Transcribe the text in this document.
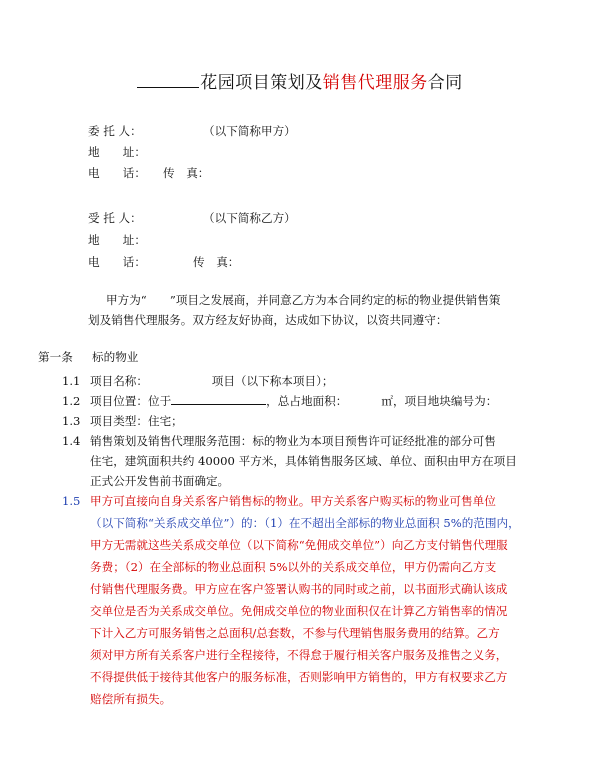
花园项目策划及销售代理服务合同
委 托 人：	（以下简称甲方）
地　　址：
电　　话： 传　真：
受 托 人：	（以下简称乙方）
地　　址：
电　　话：	传　真：
甲方为“　　”项目之发展商，并同意乙方为本合同约定的标的物业提供销售策
划及销售代理服务。双方经友好协商，达成如下协议，以资共同遵守：
第一条 标的物业
1.1 项目名称：　　　　　　项目（以下称本项目）；
1.2 项目位置：位于	，总占地面积：	㎡，项目地块编号为：
1.3 项目类型：住宅；
1.4 销售策划及销售代理服务范围：标的物业为本项目预售许可证经批准的部分可售
住宅，建筑面积共约 40000 平方米，具体销售服务区域、单位、面积由甲方在项目
正式公开发售前书面确定。
1.5 甲方可直接向自身关系客户销售标的物业。甲方关系客户购买标的物业可售单位
（以下简称“关系成交单位”）的：（1）在不超出全部标的物业总面积 5%的范围内，
甲方无需就这些关系成交单位（以下简称“免佣成交单位”）向乙方支付销售代理服
务费；（2）在全部标的物业总面积 5%以外的关系成交单位，甲方仍需向乙方支
付销售代理服务费。甲方应在客户签署认购书的同时或之前，以书面形式确认该成
交单位是否为关系成交单位。免佣成交单位的物业面积仅在计算乙方销售率的情况
下计入乙方可服务销售之总面积/总套数，不参与代理销售服务费用的结算。乙方
须对甲方所有关系客户进行全程接待，不得怠于履行相关客户服务及推售之义务，
不得提供低于接待其他客户的服务标准，否则影响甲方销售的，甲方有权要求乙方
赔偿所有损失。
